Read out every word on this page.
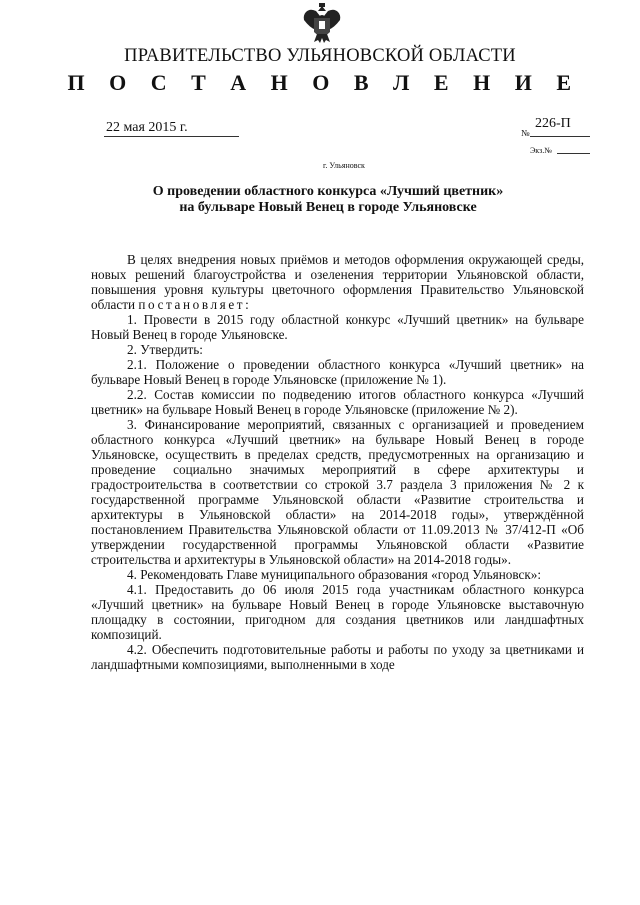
ПРАВИТЕЛЬСТВО УЛЬЯНОВСКОЙ ОБЛАСТИ
П О С Т А Н О В Л Е Н И Е
22 мая 2015 г.	№
226-П
Экз.№
г. Ульяновск
О проведении областного конкурса «Лучший цветник»
на бульваре Новый Венец в городе Ульяновске

В целях внедрения новых приёмов и методов оформления окружающей среды, новых решений благоустройства и озеленения территории Ульяновской области, повышения уровня культуры цветочного оформления Правительство Ульяновской области постановляет:

1. Провести в 2015 году областной конкурс «Лучший цветник» на бульваре Новый Венец в городе Ульяновске.

2. Утвердить:

2.1. Положение о проведении областного конкурса «Лучший цветник» на бульваре Новый Венец в городе Ульяновске (приложение № 1).

2.2. Состав комиссии по подведению итогов областного конкурса «Лучший цветник» на бульваре Новый Венец в городе Ульяновске (приложение № 2).

3. Финансирование мероприятий, связанных с организацией и проведением областного конкурса «Лучший цветник» на бульваре Новый Венец в городе Ульяновске, осуществить в пределах средств, предусмотренных на организацию и проведение социально значимых мероприятий в сфере архитектуры и градостроительства в соответствии со строкой 3.7 раздела 3 приложения № 2 к государственной программе Ульяновской области «Развитие строительства и архитектуры в Ульяновской области» на 2014-2018 годы», утверждённой постановлением Правительства Ульяновской области от 11.09.2013 № 37/412-П «Об утверждении государственной программы Ульяновской области «Развитие строительства и архитектуры в Ульяновской области» на 2014-2018 годы».

4. Рекомендовать Главе муниципального образования «город Ульяновск»:

4.1. Предоставить до 06 июля 2015 года участникам областного конкурса «Лучший цветник» на бульваре Новый Венец в городе Ульяновске выставочную площадку в состоянии, пригодном для создания цветников или ландшафтных композиций.

4.2. Обеспечить подготовительные работы и работы по уходу за цветниками и ландшафтными композициями, выполненными в ходе
